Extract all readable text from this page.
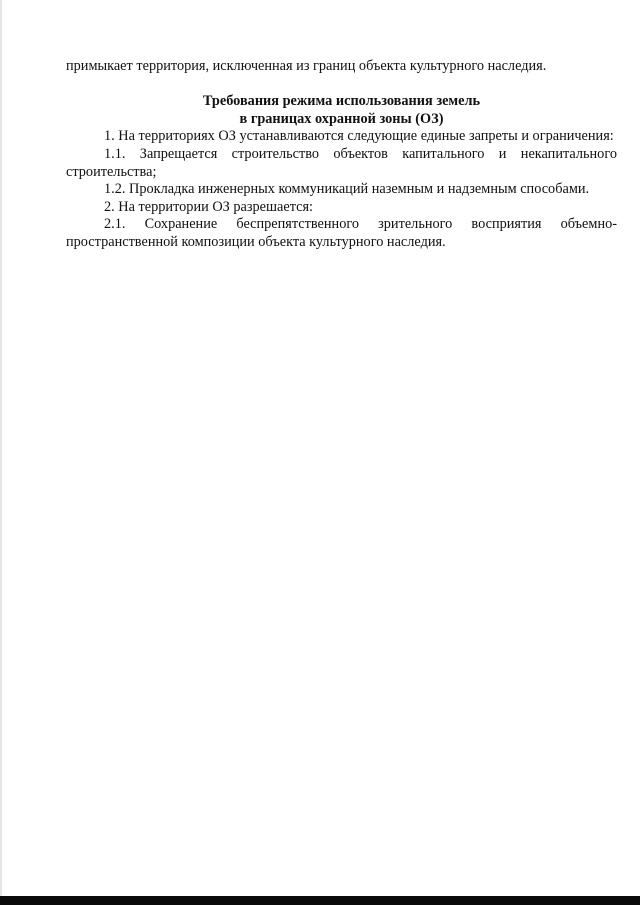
примыкает территория, исключенная из границ объекта культурного наследия.

Требования режима использования земель

в границах охранной зоны (ОЗ)

1. На территориях ОЗ устанавливаются следующие единые запреты и ограничения:

1.1. Запрещается строительство объектов капитального и некапитального строительства;

1.2. Прокладка инженерных коммуникаций наземным и надземным способами.

2. На территории ОЗ разрешается:

2.1. Сохранение беспрепятственного зрительного восприятия объемно-пространственной композиции объекта культурного наследия.
